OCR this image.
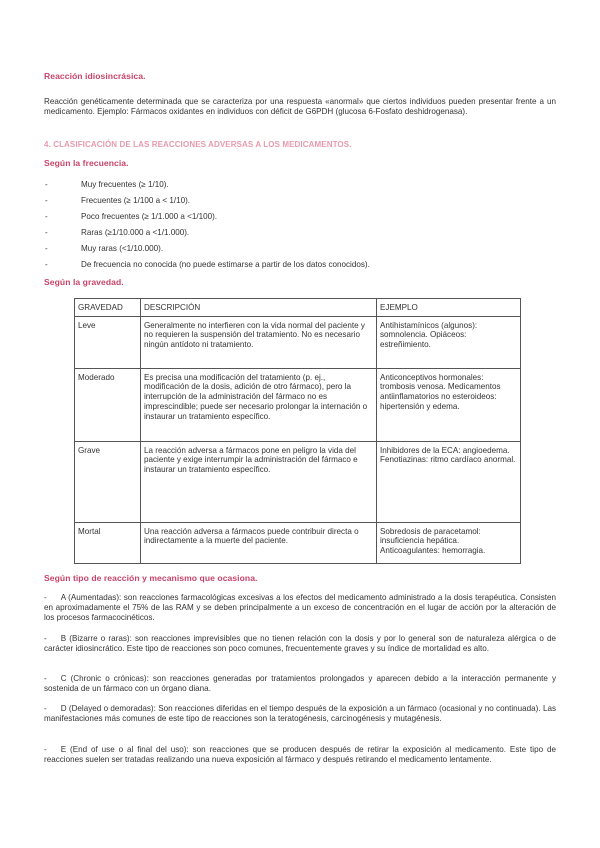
Reacción idiosincrásica.
Reacción genéticamente determinada que se caracteriza por una respuesta «anormal» que ciertos individuos pueden presentar frente a un medicamento. Ejemplo: Fármacos oxidantes en individuos con déficit de G6PDH (glucosa 6-Fosfato deshidrogenasa).
4. CLASIFICACIÓN DE LAS REACCIONES ADVERSAS A LOS MEDICAMENTOS.
Según la frecuencia.
-	Muy frecuentes (≥ 1/10).
-	Frecuentes (≥ 1/100 a < 1/10).
-	Poco frecuentes (≥ 1/1.000 a <1/100).
-	Raras (≥1/10.000 a <1/1.000).
-	Muy raras (<1/10.000).
-	De frecuencia no conocida (no puede estimarse a partir de los datos conocidos).
Según la gravedad.
GRAVEDAD	DESCRIPCIÓN	EJEMPLO
Leve	Generalmente no interfieren con la vida normal del paciente y no requieren la suspensión del tratamiento. No es necesario ningún antídoto ni tratamiento.	Antihistamínicos (algunos): somnolencia. Opiáceos: estreñimiento.
Moderado	Es precisa una modificación del tratamiento (p. ej., modificación de la dosis, adición de otro fármaco), pero la interrupción de la administración del fármaco no es imprescindible; puede ser necesario prolongar la internación o instaurar un tratamiento específico.	Anticonceptivos hormonales: trombosis venosa. Medicamentos antiinflamatorios no esteroideos: hipertensión y edema.
Grave	La reacción adversa a fármacos pone en peligro la vida del paciente y exige interrumpir la administración del fármaco e instaurar un tratamiento específico.	Inhibidores de la ECA: angioedema. Fenotiazinas: ritmo cardíaco anormal.
Mortal	Una reacción adversa a fármacos puede contribuir directa o indirectamente a la muerte del paciente.	Sobredosis de paracetamol: insuficiencia hepática. Anticoagulantes: hemorragia.
Según tipo de reacción y mecanismo que ocasiona.
- A (Aumentadas): son reacciones farmacológicas excesivas a los efectos del medicamento administrado a la dosis terapéutica. Consisten en aproximadamente el 75% de las RAM y se deben principalmente a un exceso de concentración en el lugar de acción por la alteración de los procesos farmacocinéticos.
- B (Bizarre o raras): son reacciones imprevisibles que no tienen relación con la dosis y por lo general son de naturaleza alérgica o de carácter idiosincrático. Este tipo de reacciones son poco comunes, frecuentemente graves y su índice de mortalidad es alto.
- C (Chronic o crónicas): son reacciones generadas por tratamientos prolongados y aparecen debido a la interacción permanente y sostenida de un fármaco con un órgano diana.
- D (Delayed o demoradas): Son reacciones diferidas en el tiempo después de la exposición a un fármaco (ocasional y no continuada). Las manifestaciones más comunes de este tipo de reacciones son la teratogénesis, carcinogénesis y mutagénesis.
- E (End of use o al final del uso): son reacciones que se producen después de retirar la exposición al medicamento. Este tipo de reacciones suelen ser tratadas realizando una nueva exposición al fármaco y después retirando el medicamento lentamente.
